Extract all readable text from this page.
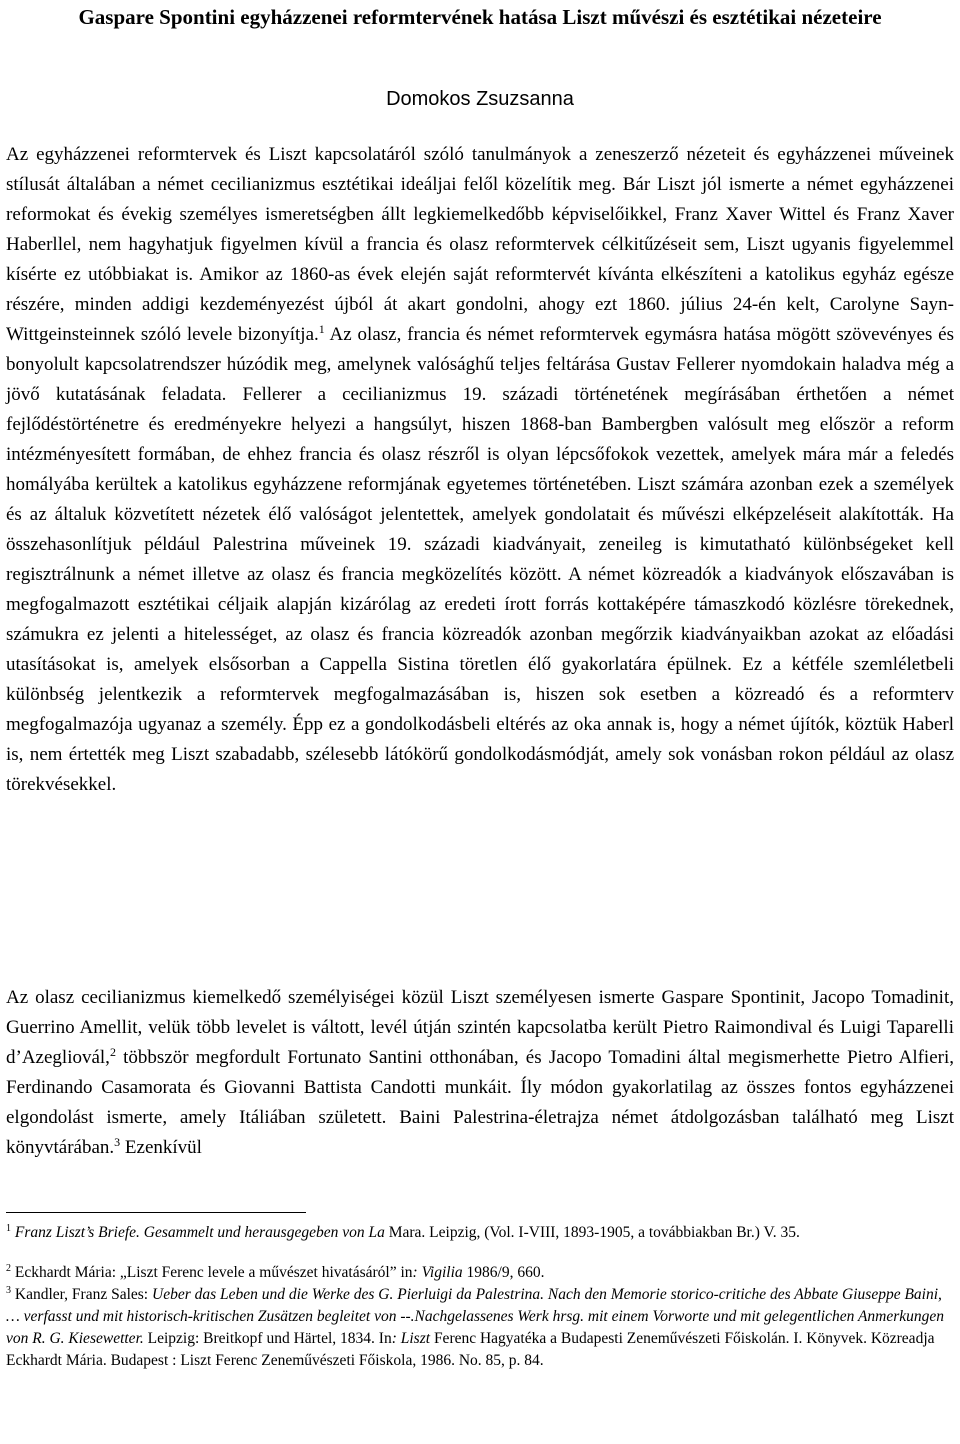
Gaspare Spontini egyházzenei reformtervének hatása Liszt művészi és esztétikai nézeteire

Domokos Zsuzsanna

Az egyházzenei reformtervek és Liszt kapcsolatáról szóló tanulmányok a zeneszerző nézeteit és egyházzenei műveinek stílusát általában a német cecilianizmus esztétikai ideáljai felől közelítik meg. Bár Liszt jól ismerte a német egyházzenei reformokat és évekig személyes ismeretségben állt legkiemelkedőbb képviselőikkel, Franz Xaver Wittel és Franz Xaver Haberllel, nem hagyhatjuk figyelmen kívül a francia és olasz reformtervek célkitűzéseit sem, Liszt ugyanis figyelemmel kísérte ez utóbbiakat is. Amikor az 1860-as évek elején saját reformtervét kívánta elkészíteni a katolikus egyház egésze részére, minden addigi kezdeményezést újból át akart gondolni, ahogy ezt 1860. július 24-én kelt, Carolyne Sayn-Wittgeinsteinnek szóló levele bizonyítja.$^1$ Az olasz, francia és német reformtervek egymásra hatása mögött szövevényes és bonyolult kapcsolatrendszer húzódik meg, amelynek valósághű teljes feltárása Gustav Fellerer nyomdokain haladva még a jövő kutatásának feladata. Fellerer a cecilianizmus 19. századi történetének megírásában érthetően a német fejlődéstörténetre és eredményekre helyezi a hangsúlyt, hiszen 1868-ban Bambergben valósult meg először a reform intézményesített formában, de ehhez francia és olasz részről is olyan lépcsőfokok vezettek, amelyek mára már a feledés homályába kerültek a katolikus egyházzene reformjának egyetemes történetében. Liszt számára azonban ezek a személyek és az általuk közvetített nézetek élő valóságot jelentettek, amelyek gondolatait és művészi elképzeléseit alakították. Ha összehasonlítjuk például Palestrina műveinek 19. századi kiadványait, zeneileg is kimutatható különbségeket kell regisztrálnunk a német illetve az olasz és francia megközelítés között. A német közreadók a kiadványok előszavában is megfogalmazott esztétikai céljaik alapján kizárólag az eredeti írott forrás kottaképére támaszkodó közlésre törekednek, számukra ez jelenti a hitelességet, az olasz és francia közreadók azonban megőrzik kiadványaikban azokat az előadási utasításokat is, amelyek elsősorban a Cappella Sistina töretlen élő gyakorlatára épülnek. Ez a kétféle szemléletbeli különbség jelentkezik a reformtervek megfogalmazásában is, hiszen sok esetben a közreadó és a reformterv megfogalmazója ugyanaz a személy. Épp ez a gondolkodásbeli eltérés az oka annak is, hogy a német újítók, köztük Haberl is, nem értették meg Liszt szabadabb, szélesebb látókörű gondolkodásmódját, amely sok vonásban rokon például az olasz törekvésekkel.

Az olasz cecilianizmus kiemelkedő személyiségei közül Liszt személyesen ismerte Gaspare Spontinit, Jacopo Tomadinit, Guerrino Amellit, velük több levelet is váltott, levél útján szintén kapcsolatba került Pietro Raimondival és Luigi Taparelli d’Azegliovál,$^2$ többször megfordult Fortunato Santini otthonában, és Jacopo Tomadini által megismerhette Pietro Alfieri, Ferdinando Casamorata és Giovanni Battista Candotti munkáit. Íly módon gyakorlatilag az összes fontos egyházzenei elgondolást ismerte, amely Itáliában született. Baini Palestrina-életrajza német átdolgozásban található meg Liszt könyvtárában.$^3$ Ezenkívül

$^1$ Franz Liszt’s Briefe. Gesammelt und herausgegeben von La Mara. Leipzig, (Vol. I-VIII, 1893-1905, a továbbiakban Br.) V. 35.

$^2$ Eckhardt Mária: „Liszt Ferenc levele a művészet hivatásáról” in: Vigilia 1986/9, 660.

$^3$ Kandler, Franz Sales: Ueber das Leben und die Werke des G. Pierluigi da Palestrina. Nach den Memorie storico-critiche des Abbate Giuseppe Baini, … verfasst und mit historisch-kritischen Zusätzen begleitet von --.Nachgelassenes Werk hrsg. mit einem Vorworte und mit gelegentlichen Anmerkungen von R. G. Kiesewetter. Leipzig: Breitkopf und Härtel, 1834. In: Liszt Ferenc Hagyatéka a Budapesti Zeneművészeti Főiskolán. I. Könyvek. Közreadja Eckhardt Mária. Budapest : Liszt Ferenc Zeneművészeti Főiskola, 1986. No. 85, p. 84.
